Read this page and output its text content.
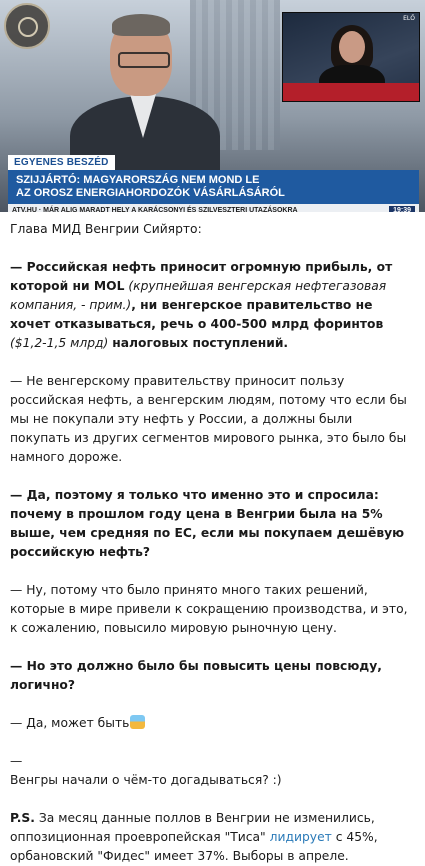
ELŐ
EGYENES BESZÉD
SZIJJÁRTÓ: MAGYARORSZÁG NEM MOND LE
AZ OROSZ ENERGIAHORDOZÓK VÁSÁRLÁSÁRÓL
ATV.HU · MÁR ALIG MARADT HELY A KARÁCSONYI ÉS SZILVESZTERI UTAZÁSOKRA	19:39

Глава МИД Венгрии Сийярто:

— Российская нефть приносит огромную прибыль, от которой ни MOL (крупнейшая венгерская нефтегазовая компания, - прим.), ни венгерское правительство не хочет отказываться, речь о 400-500 млрд форинтов ($1,2-1,5 млрд) налоговых поступлений.

— Не венгерскому правительству приносит пользу российская нефть, а венгерским людям, потому что если бы мы не покупали эту нефть у России, а должны были покупать из других сегментов мирового рынка, это было бы намного дороже.

— Да, поэтому я только что именно это и спросила: почему в прошлом году цена в Венгрии была на 5% выше, чем средняя по ЕС, если мы покупаем дешёвую российскую нефть?

— Ну, потому что было принято много таких решений, которые в мире привели к сокращению производства, и это, к сожалению, повысило мировую рыночную цену.

— Но это должно было бы повысить цены повсюду, логично?

— Да, может быть

—

Венгры начали о чём-то догадываться? :)

P.S. За месяц данные поллов в Венгрии не изменились, оппозиционная проевропейская "Тиса" лидирует с 45%, орбановский "Фидес" имеет 37%. Выборы в апреле.
